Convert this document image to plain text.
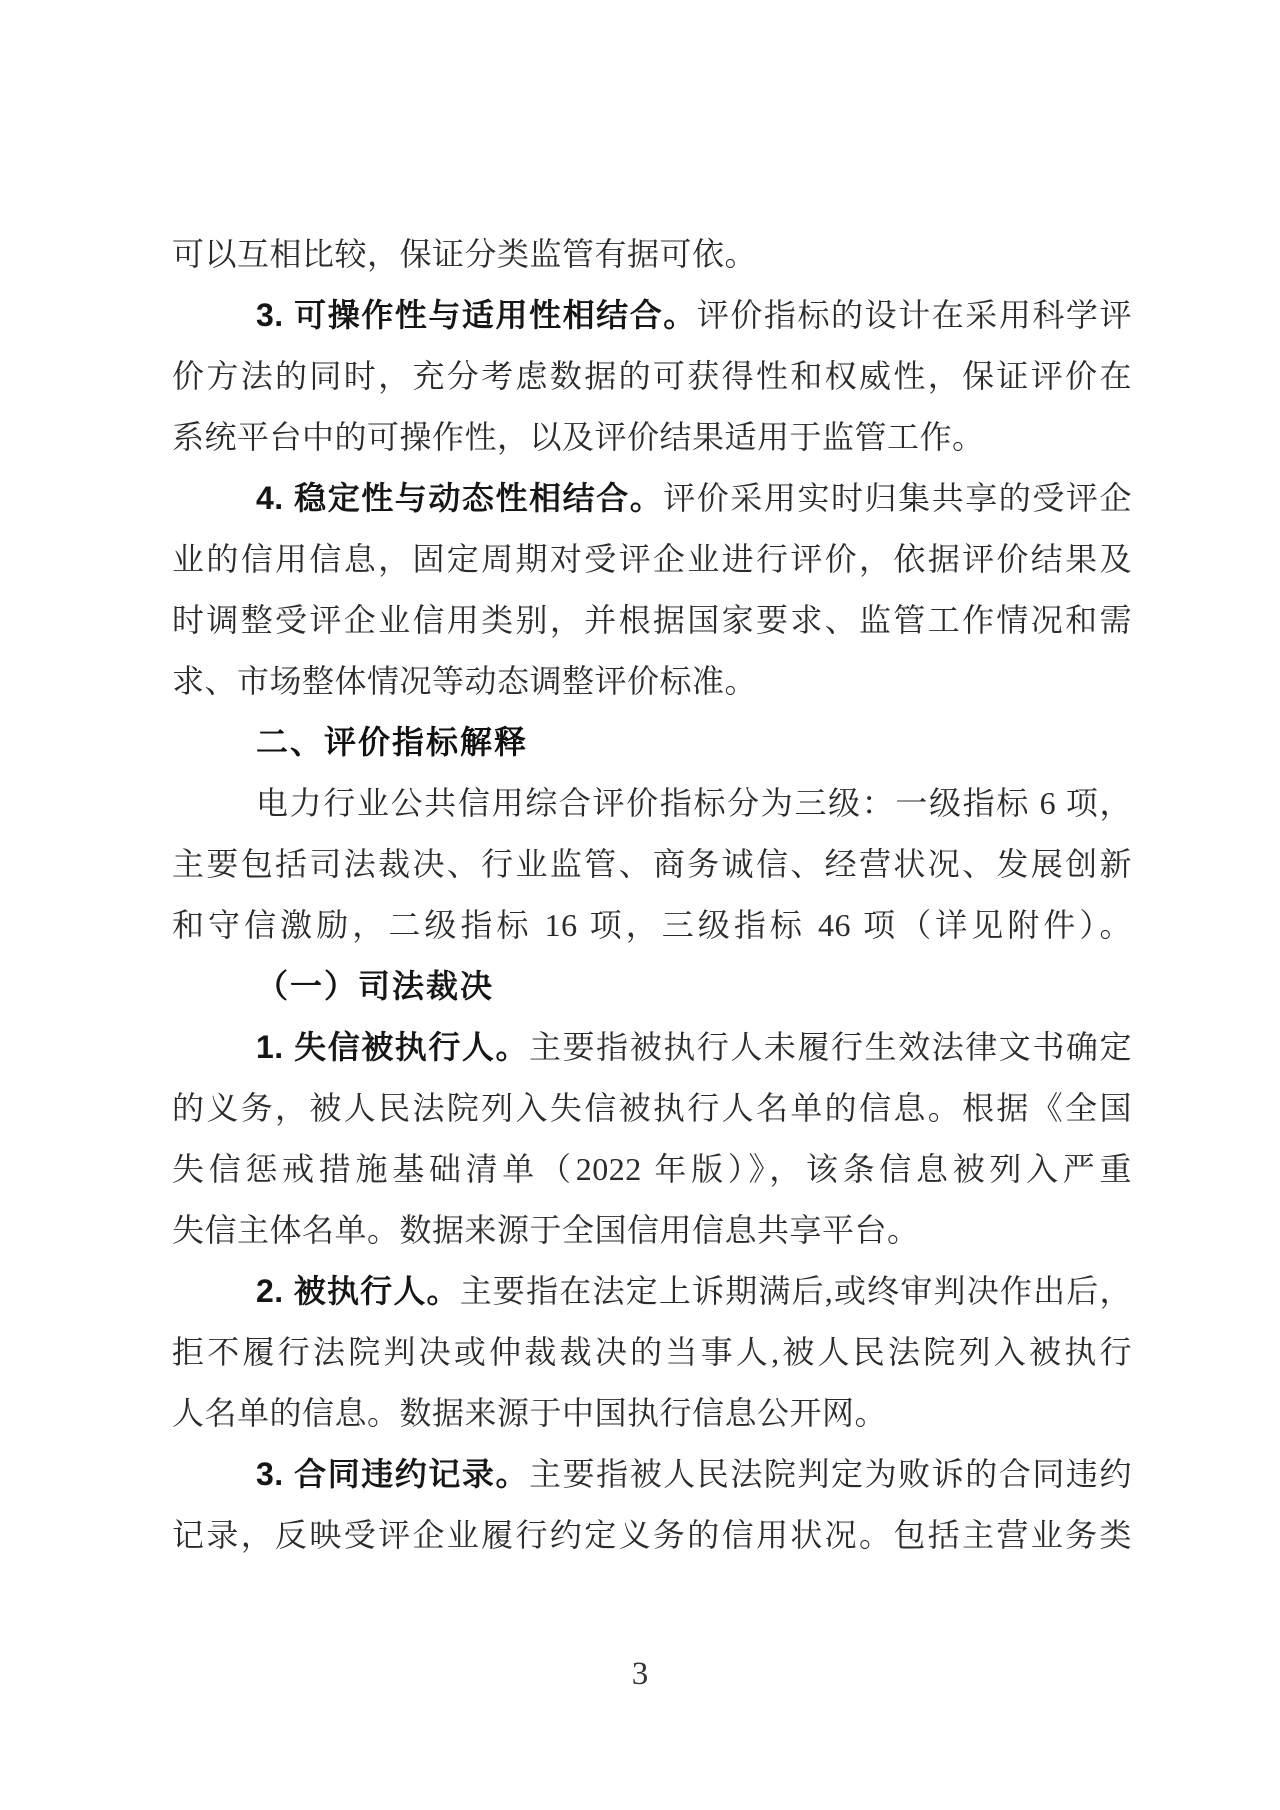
可以互相比较，保证分类监管有据可依。
3. 可操作性与适用性相结合。评价指标的设计在采用科学评
价方法的同时，充分考虑数据的可获得性和权威性，保证评价在
系统平台中的可操作性，以及评价结果适用于监管工作。
4. 稳定性与动态性相结合。评价采用实时归集共享的受评企
业的信用信息，固定周期对受评企业进行评价，依据评价结果及
时调整受评企业信用类别，并根据国家要求、监管工作情况和需
求、市场整体情况等动态调整评价标准。
二、评价指标解释
电力行业公共信用综合评价指标分为三级：一级指标 6 项，
主要包括司法裁决、行业监管、商务诚信、经营状况、发展创新
和守信激励，二级指标 16 项，三级指标 46 项（详见附件）。
（一）司法裁决
1. 失信被执行人。主要指被执行人未履行生效法律文书确定
的义务，被人民法院列入失信被执行人名单的信息。根据《全国
失信惩戒措施基础清单（2022 年版）》，该条信息被列入严重
失信主体名单。数据来源于全国信用信息共享平台。
2. 被执行人。主要指在法定上诉期满后,或终审判决作出后，
拒不履行法院判决或仲裁裁决的当事人,被人民法院列入被执行
人名单的信息。数据来源于中国执行信息公开网。
3. 合同违约记录。主要指被人民法院判定为败诉的合同违约
记录，反映受评企业履行约定义务的信用状况。包括主营业务类
3
